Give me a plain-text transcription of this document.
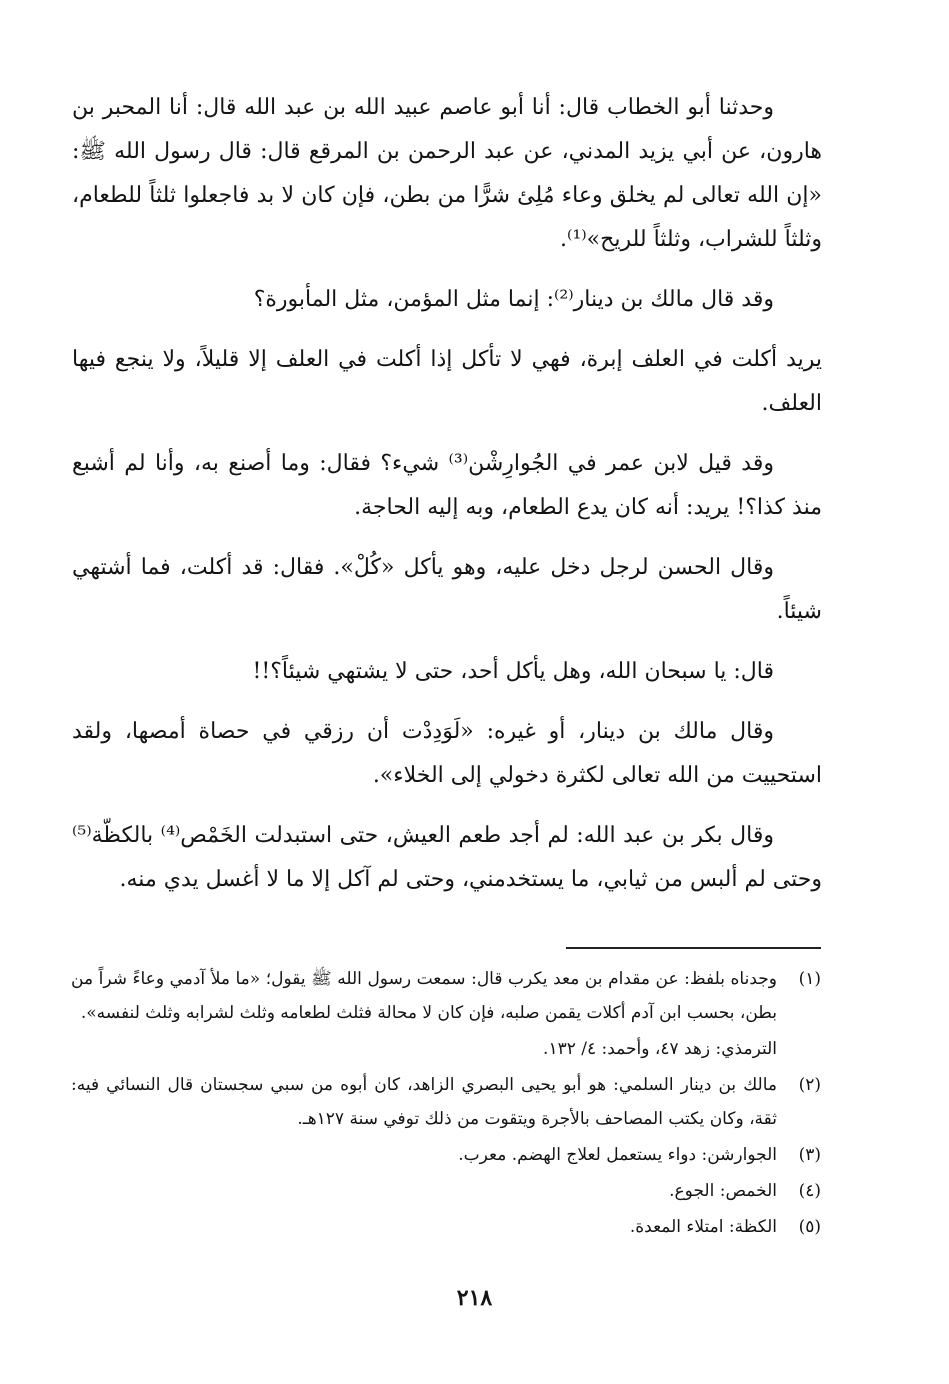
وحدثنا أبو الخطاب قال: أنا أبو عاصم عبيد الله بن عبد الله قال: أنا المحبر بن هارون، عن أبي يزيد المدني، عن عبد الرحمن بن المرقع قال: قال رسول الله ﷺ: «إن الله تعالى لم يخلق وعاء مُلِئ شرًّا من بطن، فإن كان لا بد فاجعلوا ثلثاً للطعام، وثلثاً للشراب، وثلثاً للريح»⁽¹⁾.

وقد قال مالك بن دينار⁽²⁾: إنما مثل المؤمن، مثل المأبورة؟

يريد أكلت في العلف إبرة، فهي لا تأكل إذا أكلت في العلف إلا قليلاً، ولا ينجع فيها العلف.

وقد قيل لابن عمر في الجُوارِشْن⁽³⁾ شيء؟ فقال: وما أصنع به، وأنا لم أشبع منذ كذا؟! يريد: أنه كان يدع الطعام، وبه إليه الحاجة.

وقال الحسن لرجل دخل عليه، وهو يأكل «كُلْ». فقال: قد أكلت، فما أشتهي شيئاً.

قال: يا سبحان الله، وهل يأكل أحد، حتى لا يشتهي شيئاً؟!!

وقال مالك بن دينار، أو غيره: «لَوَدِدْت أن رزقي في حصاة أمصها، ولقد استحييت من الله تعالى لكثرة دخولي إلى الخلاء».

وقال بكر بن عبد الله: لم أجد طعم العيش، حتى استبدلت الخَمْص⁽⁴⁾ بالكظّة⁽⁵⁾ وحتى لم ألبس من ثيابي، ما يستخدمني، وحتى لم آكل إلا ما لا أغسل يدي منه.

(١)
وجدناه بلفظ: عن مقدام بن معد يكرب قال: سمعت رسول الله ﷺ يقول؛ «ما ملأ آدمي وعاءً شراً من بطن، بحسب ابن آدم أكلات يقمن صلبه، فإن كان لا محالة فثلث لطعامه وثلث لشرابه وثلث لنفسه».
الترمذي: زهد ٤٧، وأحمد: ٤/ ١٣٢.
(٢)
مالك بن دينار السلمي: هو أبو يحيى البصري الزاهد، كان أبوه من سبي سجستان قال النسائي فيه: ثقة، وكان يكتب المصاحف بالأجرة ويتقوت من ذلك توفي سنة ١٢٧هـ.
(٣)
الجوارشن: دواء يستعمل لعلاج الهضم. معرب.
(٤)
الخمص: الجوع.
(٥)
الكظة: امتلاء المعدة.
٢١٨
